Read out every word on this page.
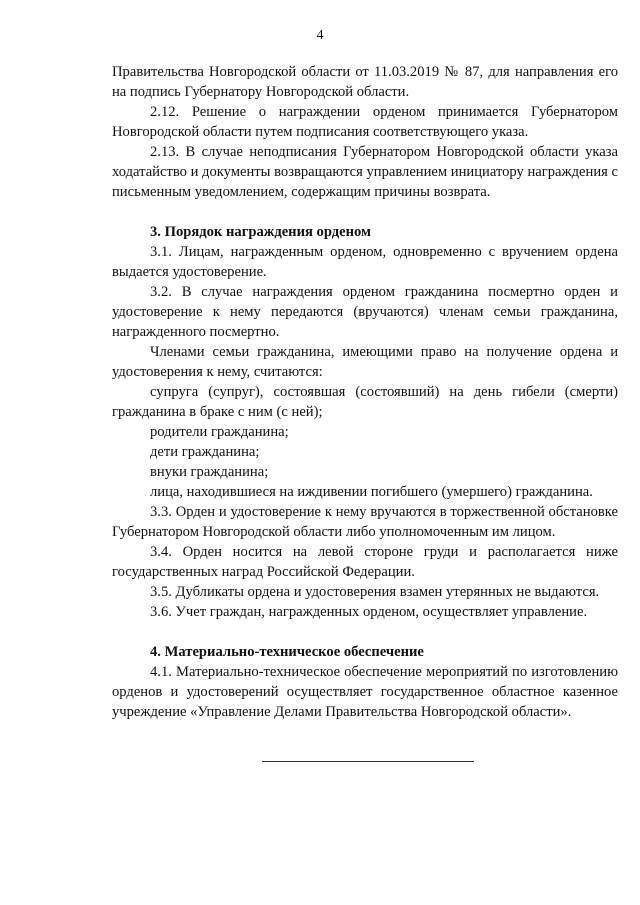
4

Правительства Новгородской области от 11.03.2019 № 87, для направления его на подпись Губернатору Новгородской области.

2.12. Решение о награждении орденом принимается Губернатором Новгородской области путем подписания соответствующего указа.

2.13. В случае неподписания Губернатором Новгородской области указа ходатайство и документы возвращаются управлением инициатору награждения с письменным уведомлением, содержащим причины возврата.

3. Порядок награждения орденом

3.1. Лицам, награжденным орденом, одновременно с вручением ордена выдается удостоверение.

3.2. В случае награждения орденом гражданина посмертно орден и удостоверение к нему передаются (вручаются) членам семьи гражданина, награжденного посмертно.

Членами семьи гражданина, имеющими право на получение ордена и удостоверения к нему, считаются:

супруга (супруг), состоявшая (состоявший) на день гибели (смерти) гражданина в браке с ним (с ней);

родители гражданина;

дети гражданина;

внуки гражданина;

лица, находившиеся на иждивении погибшего (умершего) гражданина.

3.3. Орден и удостоверение к нему вручаются в торжественной обстановке Губернатором Новгородской области либо уполномоченным им лицом.

3.4. Орден носится на левой стороне груди и располагается ниже государственных наград Российской Федерации.

3.5. Дубликаты ордена и удостоверения взамен утерянных не выдаются.

3.6. Учет граждан, награжденных орденом, осуществляет управление.

4. Материально-техническое обеспечение

4.1. Материально-техническое обеспечение мероприятий по изготовлению орденов и удостоверений осуществляет государственное областное казенное учреждение «Управление Делами Правительства Новгородской области».
